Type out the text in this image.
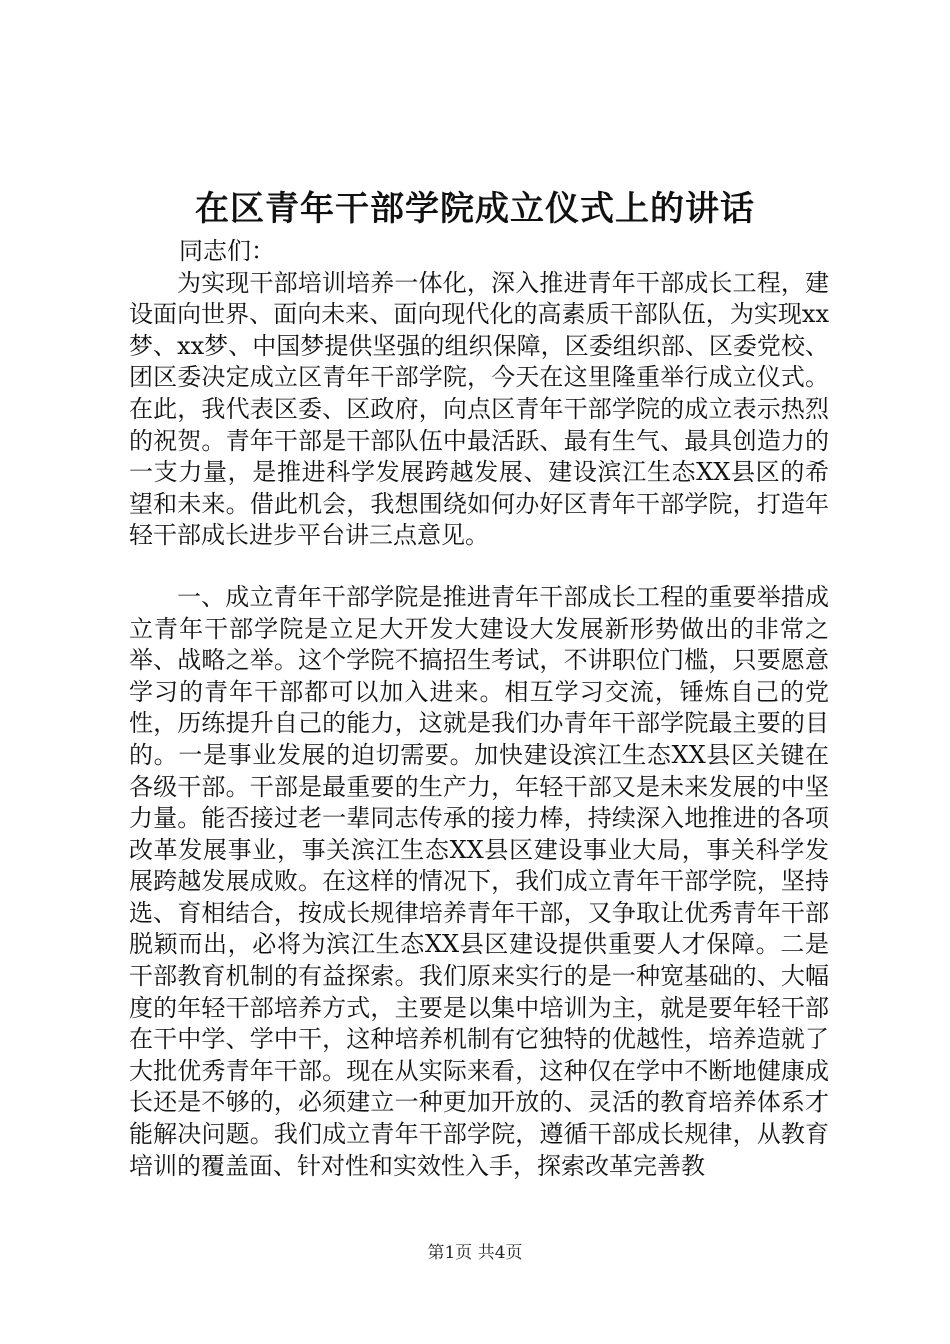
在区青年干部学院成立仪式上的讲话

同志们：

为实现干部培训培养一体化，深入推进青年干部成长工程，建设面向世界、面向未来、面向现代化的高素质干部队伍，为实现xx梦、xx梦、中国梦提供坚强的组织保障，区委组织部、区委党校、团区委决定成立区青年干部学院，今天在这里隆重举行成立仪式。在此，我代表区委、区政府，向点区青年干部学院的成立表示热烈的祝贺。青年干部是干部队伍中最活跃、最有生气、最具创造力的一支力量，是推进科学发展跨越发展、建设滨江生态XX县区的希望和未来。借此机会，我想围绕如何办好区青年干部学院，打造年轻干部成长进步平台讲三点意见。

一、成立青年干部学院是推进青年干部成长工程的重要举措成立青年干部学院是立足大开发大建设大发展新形势做出的非常之举、战略之举。这个学院不搞招生考试，不讲职位门槛，只要愿意学习的青年干部都可以加入进来。相互学习交流，锤炼自己的党性，历练提升自己的能力，这就是我们办青年干部学院最主要的目的。一是事业发展的迫切需要。加快建设滨江生态XX县区关键在各级干部。干部是最重要的生产力，年轻干部又是未来发展的中坚力量。能否接过老一辈同志传承的接力棒，持续深入地推进的各项改革发展事业，事关滨江生态XX县区建设事业大局，事关科学发展跨越发展成败。在这样的情况下，我们成立青年干部学院，坚持选、育相结合，按成长规律培养青年干部，又争取让优秀青年干部脱颖而出，必将为滨江生态XX县区建设提供重要人才保障。二是干部教育机制的有益探索。我们原来实行的是一种宽基础的、大幅度的年轻干部培养方式，主要是以集中培训为主，就是要年轻干部在干中学、学中干，这种培养机制有它独特的优越性，培养造就了大批优秀青年干部。现在从实际来看，这种仅在学中不断地健康成长还是不够的，必须建立一种更加开放的、灵活的教育培养体系才能解决问题。我们成立青年干部学院，遵循干部成长规律，从教育培训的覆盖面、针对性和实效性入手，探索改革完善教

第1页 共4页
